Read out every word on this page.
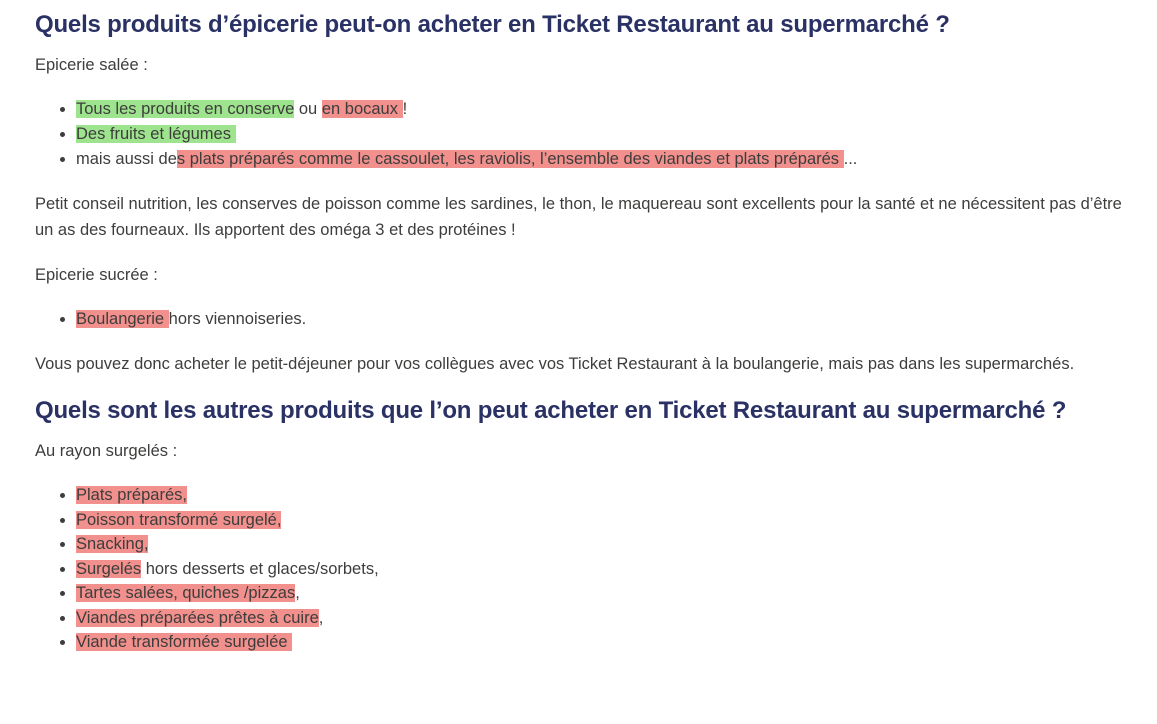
Quels produits d’épicerie peut-on acheter en Ticket Restaurant au supermarché ?

Epicerie salée :

• Tous les produits en conserve ou en bocaux !
• Des fruits et légumes
• mais aussi des plats préparés comme le cassoulet, les raviolis, l’ensemble des viandes et plats préparés ...

Petit conseil nutrition, les conserves de poisson comme les sardines, le thon, le maquereau sont excellents pour la santé et ne nécessitent pas d’être un as des fourneaux. Ils apportent des oméga 3 et des protéines !

Epicerie sucrée :

• Boulangerie hors viennoiseries.

Vous pouvez donc acheter le petit-déjeuner pour vos collègues avec vos Ticket Restaurant à la boulangerie, mais pas dans les supermarchés.

Quels sont les autres produits que l’on peut acheter en Ticket Restaurant au supermarché ?

Au rayon surgelés :

• Plats préparés,
• Poisson transformé surgelé,
• Snacking,
• Surgelés hors desserts et glaces/sorbets,
• Tartes salées, quiches /pizzas,
• Viandes préparées prêtes à cuire,
• Viande transformée surgelée
